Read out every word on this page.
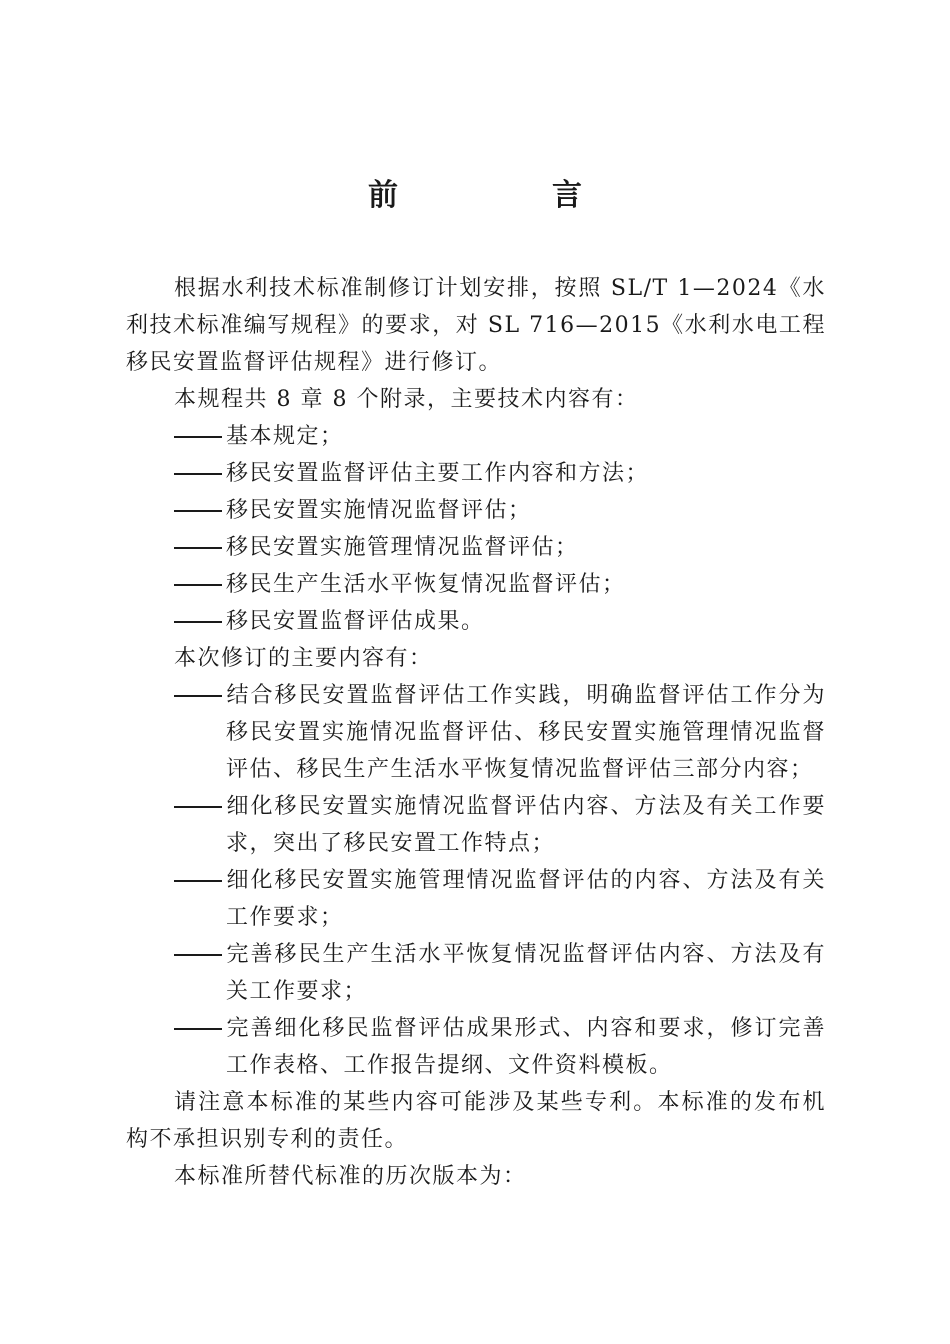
前　言

根据水利技术标准制修订计划安排，按照 SL/T 1—2024《水利技术标准编写规程》的要求，对 SL 716—2015《水利水电工程移民安置监督评估规程》进行修订。

本规程共 8 章 8 个附录，主要技术内容有：

基本规定；

移民安置监督评估主要工作内容和方法；

移民安置实施情况监督评估；

移民安置实施管理情况监督评估；

移民生产生活水平恢复情况监督评估；

移民安置监督评估成果。

本次修订的主要内容有：

结合移民安置监督评估工作实践，明确监督评估工作分为移民安置实施情况监督评估、移民安置实施管理情况监督评估、移民生产生活水平恢复情况监督评估三部分内容；

细化移民安置实施情况监督评估内容、方法及有关工作要求，突出了移民安置工作特点；

细化移民安置实施管理情况监督评估的内容、方法及有关工作要求；

完善移民生产生活水平恢复情况监督评估内容、方法及有关工作要求；

完善细化移民监督评估成果形式、内容和要求，修订完善工作表格、工作报告提纲、文件资料模板。

请注意本标准的某些内容可能涉及某些专利。本标准的发布机构不承担识别专利的责任。

本标准所替代标准的历次版本为：
